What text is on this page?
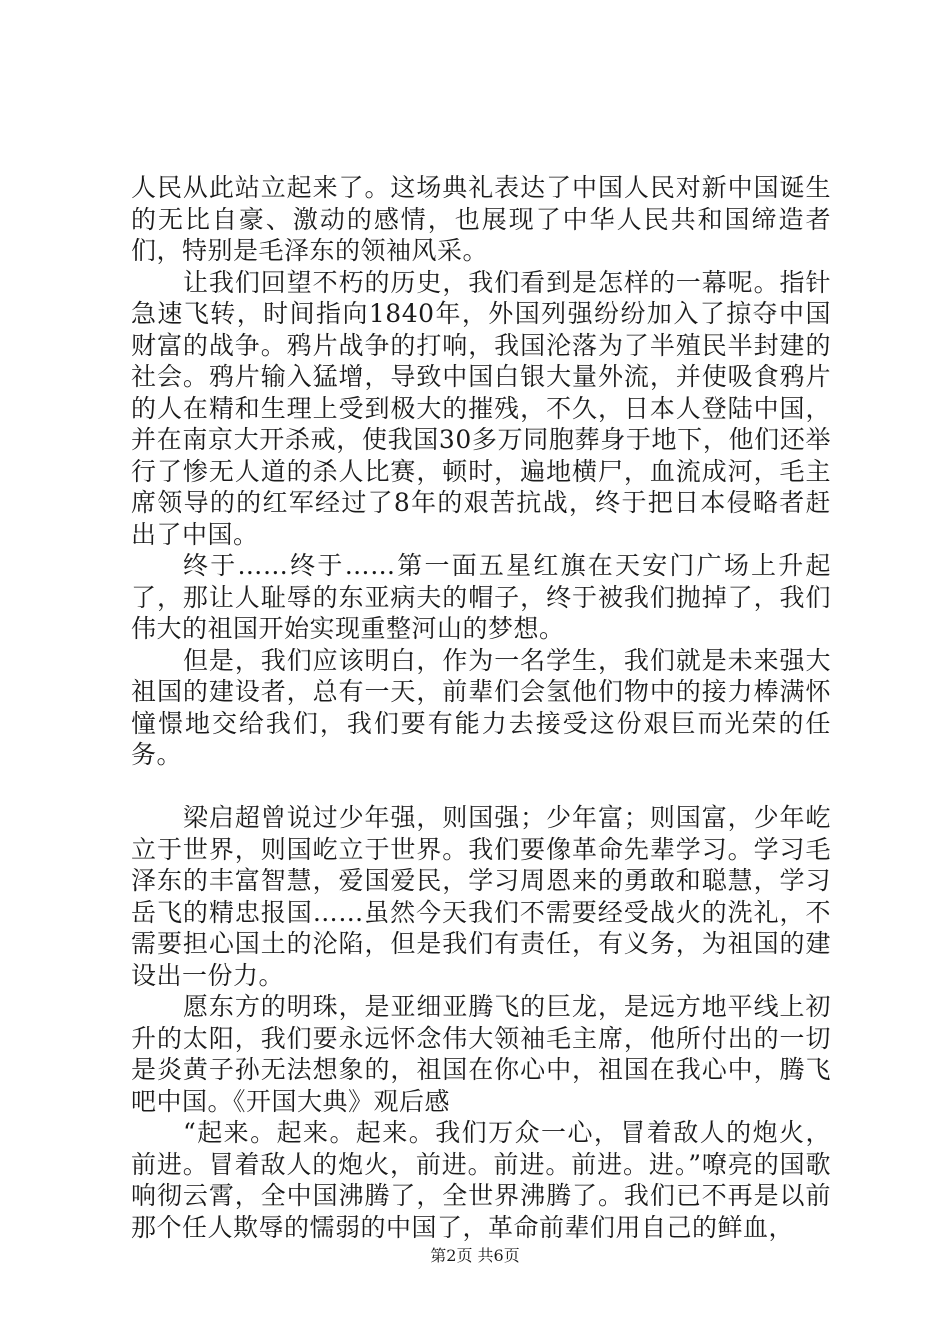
人民从此站立起来了。这场典礼表达了中国人民对新中国诞生的无比自豪、激动的感情，也展现了中华人民共和国缔造者们，特别是毛泽东的领袖风采。

让我们回望不朽的历史，我们看到是怎样的一幕呢。指针急速飞转，时间指向1840年，外国列强纷纷加入了掠夺中国财富的战争。鸦片战争的打响，我国沦落为了半殖民半封建的社会。鸦片输入猛增，导致中国白银大量外流，并使吸食鸦片的人在精和生理上受到极大的摧残，不久，日本人登陆中国，并在南京大开杀戒，使我国30多万同胞葬身于地下，他们还举行了惨无人道的杀人比赛，顿时，遍地横尸，血流成河，毛主席领导的的红军经过了8年的艰苦抗战，终于把日本侵略者赶出了中国。

终于……终于……第一面五星红旗在天安门广场上升起了，那让人耻辱的东亚病夫的帽子，终于被我们抛掉了，我们伟大的祖国开始实现重整河山的梦想。

但是，我们应该明白，作为一名学生，我们就是未来强大祖国的建设者，总有一天，前辈们会氢他们物中的接力棒满怀憧憬地交给我们，我们要有能力去接受这份艰巨而光荣的任务。

梁启超曾说过少年强，则国强；少年富；则国富，少年屹立于世界，则国屹立于世界。我们要像革命先辈学习。学习毛泽东的丰富智慧，爱国爱民，学习周恩来的勇敢和聪慧，学习岳飞的精忠报国……虽然今天我们不需要经受战火的洗礼，不需要担心国土的沦陷，但是我们有责任，有义务，为祖国的建设出一份力。

愿东方的明珠，是亚细亚腾飞的巨龙，是远方地平线上初升的太阳，我们要永远怀念伟大领袖毛主席，他所付出的一切是炎黄子孙无法想象的，祖国在你心中，祖国在我心中，腾飞吧中国。《开国大典》观后感

“起来。起来。起来。我们万众一心，冒着敌人的炮火，前进。冒着敌人的炮火，前进。前进。前进。进。”嘹亮的国歌响彻云霄，全中国沸腾了，全世界沸腾了。我们已不再是以前那个任人欺辱的懦弱的中国了，革命前辈们用自己的鲜血，

第2页 共6页
